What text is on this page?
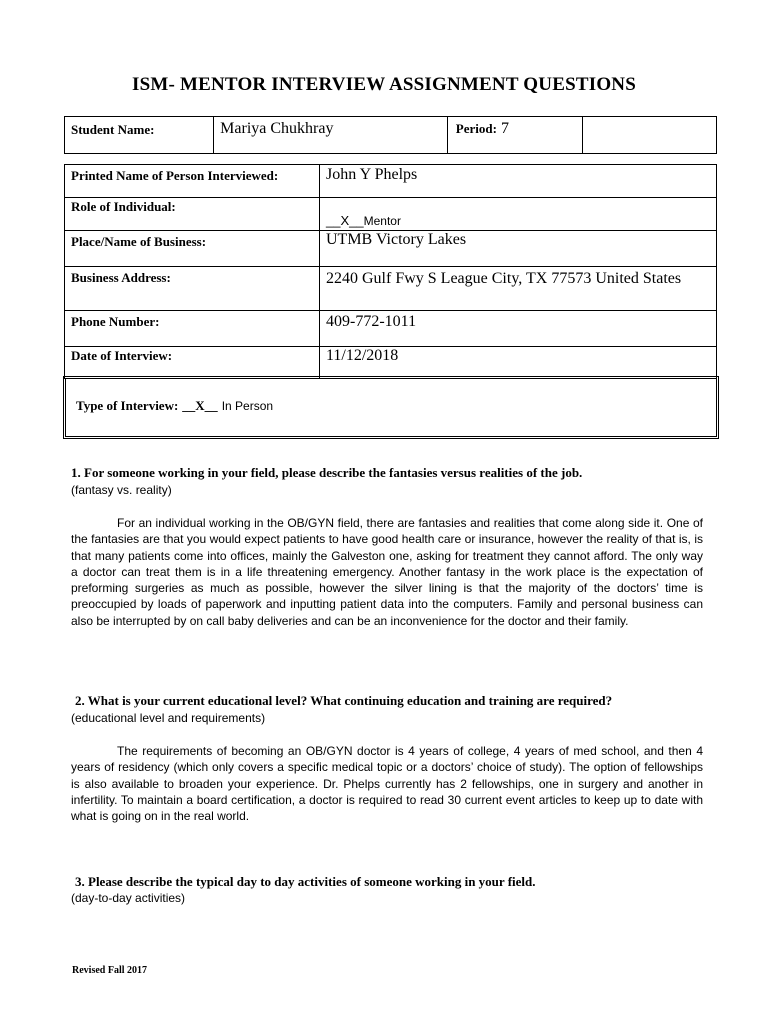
ISM- MENTOR INTERVIEW ASSIGNMENT QUESTIONS
Student Name:	Mariya Chukhray	Period: 7	
Printed Name of Person Interviewed:	John Y Phelps
Role of Individual:	__X__Mentor
Place/Name of Business:	UTMB Victory Lakes
Business Address:	2240 Gulf Fwy S League City, TX 77573 United States
Phone Number:	409-772-1011
Date of Interview:	11/12/2018
Type of Interview: __X__ In Person
1. For someone working in your field, please describe the fantasies versus realities of the job.
(fantasy vs. reality)

For an individual working in the OB/GYN field, there are fantasies and realities that come along side it. One of the fantasies are that you would expect patients to have good health care or insurance, however the reality of that is, is that many patients come into offices, mainly the Galveston one, asking for treatment they cannot afford. The only way a doctor can treat them is in a life threatening emergency. Another fantasy in the work place is the expectation of preforming surgeries as much as possible, however the silver lining is that the majority of the doctors’ time is preoccupied by loads of paperwork and inputting patient data into the computers. Family and personal business can also be interrupted by on call baby deliveries and can be an inconvenience for the doctor and their family.

2. What is your current educational level? What continuing education and training are required?
(educational level and requirements)

The requirements of becoming an OB/GYN doctor is 4 years of college, 4 years of med school, and then 4 years of residency (which only covers a specific medical topic or a doctors’ choice of study). The option of fellowships is also available to broaden your experience. Dr. Phelps currently has 2 fellowships, one in surgery and another in infertility. To maintain a board certification, a doctor is required to read 30 current event articles to keep up to date with what is going on in the real world.

3. Please describe the typical day to day activities of someone working in your field.
(day-to-day activities)
Revised Fall 2017
